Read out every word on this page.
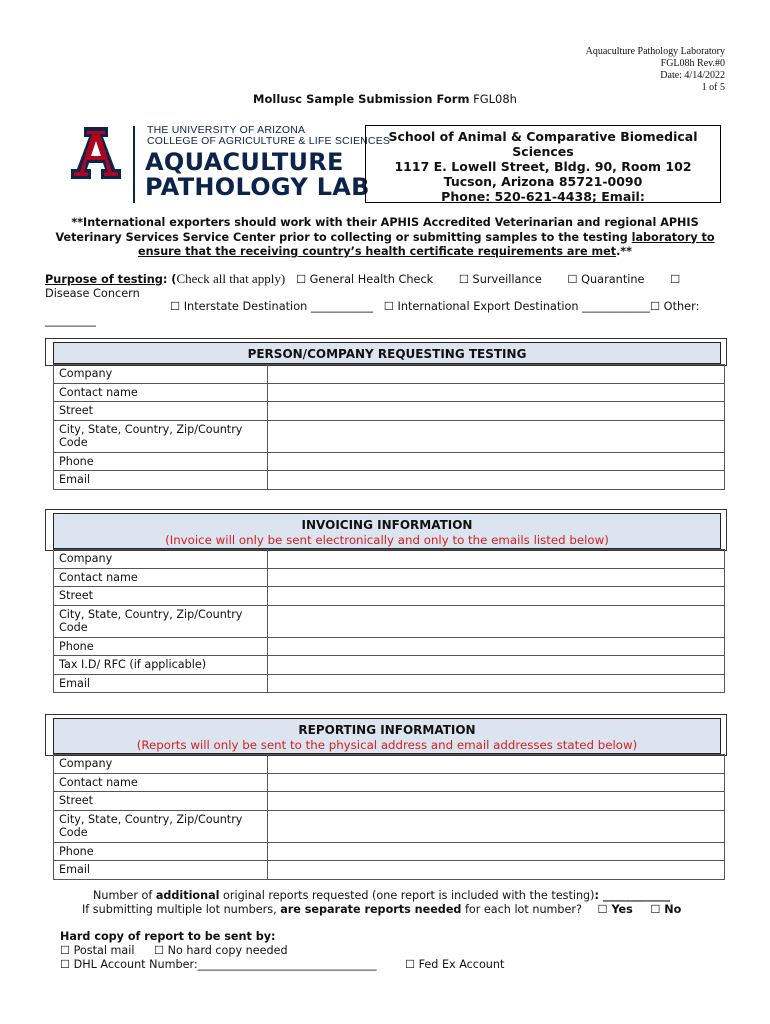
Aquaculture Pathology Laboratory
FGL08h Rev.#0
Date: 4/14/2022
1 of 5
Mollusc Sample Submission Form FGL08h
THE UNIVERSITY OF ARIZONA
COLLEGE OF AGRICULTURE & LIFE SCIENCES
AQUACULTURE
PATHOLOGY LAB
School of Animal & Comparative Biomedical
Sciences
1117 E. Lowell Street, Bldg. 90, Room 102
Tucson, Arizona 85721-0090
Phone: 520-621-4438; Email:
**International exporters should work with their APHIS Accredited Veterinarian and regional APHIS
Veterinary Services Service Center prior to collecting or submitting samples to the testing laboratory to
ensure that the receiving country’s health certificate requirements are met.**
Purpose of testing: (Check all that apply) ☐ General Health Check ☐ Surveillance ☐ Quarantine ☐
Disease Concern
☐ Interstate Destination ___________ ☐ International Export Destination ____________☐ Other:
_________
PERSON/COMPANY REQUESTING TESTING
Company	
Contact name	
Street	
City, State, Country, Zip/Country Code	
Phone	
Email	
INVOICING INFORMATION
(Invoice will only be sent electronically and only to the emails listed below)
Company	
Contact name	
Street	
City, State, Country, Zip/Country Code	
Phone	
Tax I.D/ RFC (if applicable)	
Email	
REPORTING INFORMATION
(Reports will only be sent to the physical address and email addresses stated below)
Company	
Contact name	
Street	
City, State, Country, Zip/Country Code	
Phone	
Email	
Number of additional original reports requested (one report is included with the testing): ____________
If submitting multiple lot numbers, are separate reports needed for each lot number? ☐ Yes ☐ No
Hard copy of report to be sent by:
☐ Postal mail ☐ No hard copy needed
☐ DHL Account Number:________________________________	☐ Fed Ex Account
